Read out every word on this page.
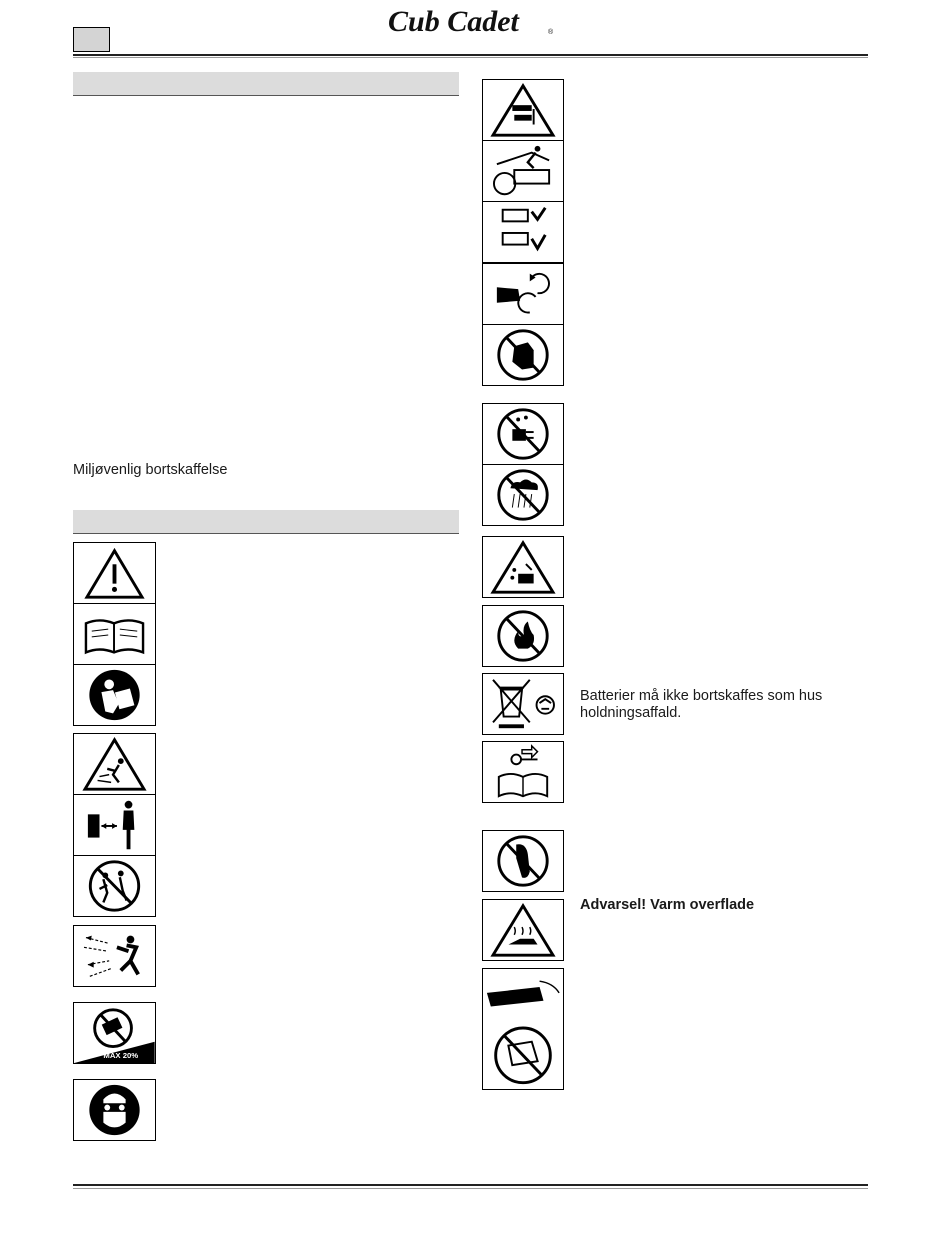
Cub Cadet	®
Miljøvenlig bortskaffelse
MAX 20%
Batterier må ikke bortskaffes som hus holdningsaffald.
Advarsel! Varm overflade
